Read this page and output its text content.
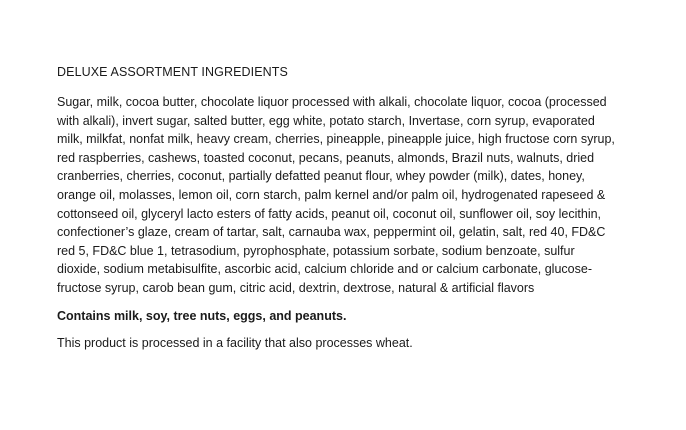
DELUXE ASSORTMENT INGREDIENTS

Sugar, milk, cocoa butter, chocolate liquor processed with alkali, chocolate liquor, cocoa (processed with alkali), invert sugar, salted butter, egg white, potato starch, Invertase, corn syrup, evaporated milk, milkfat, nonfat milk, heavy cream, cherries, pineapple, pineapple juice, high fructose corn syrup, red raspberries, cashews, toasted coconut, pecans, peanuts, almonds, Brazil nuts, walnuts, dried cranberries, cherries, coconut, partially defatted peanut flour, whey powder (milk), dates, honey, orange oil, molasses, lemon oil, corn starch, palm kernel and/or palm oil, hydrogenated rapeseed & cottonseed oil, glyceryl lacto esters of fatty acids, peanut oil, coconut oil, sunflower oil, soy lecithin, confectioner’s glaze, cream of tartar, salt, carnauba wax, peppermint oil, gelatin, salt, red 40, FD&C red 5, FD&C blue 1, tetrasodium, pyrophosphate, potassium sorbate, sodium benzoate, sulfur dioxide, sodium metabisulfite, ascorbic acid, calcium chloride and or calcium carbonate, glucose-fructose syrup, carob bean gum, citric acid, dextrin, dextrose, natural & artificial flavors

Contains milk, soy, tree nuts, eggs, and peanuts.

This product is processed in a facility that also processes wheat.
